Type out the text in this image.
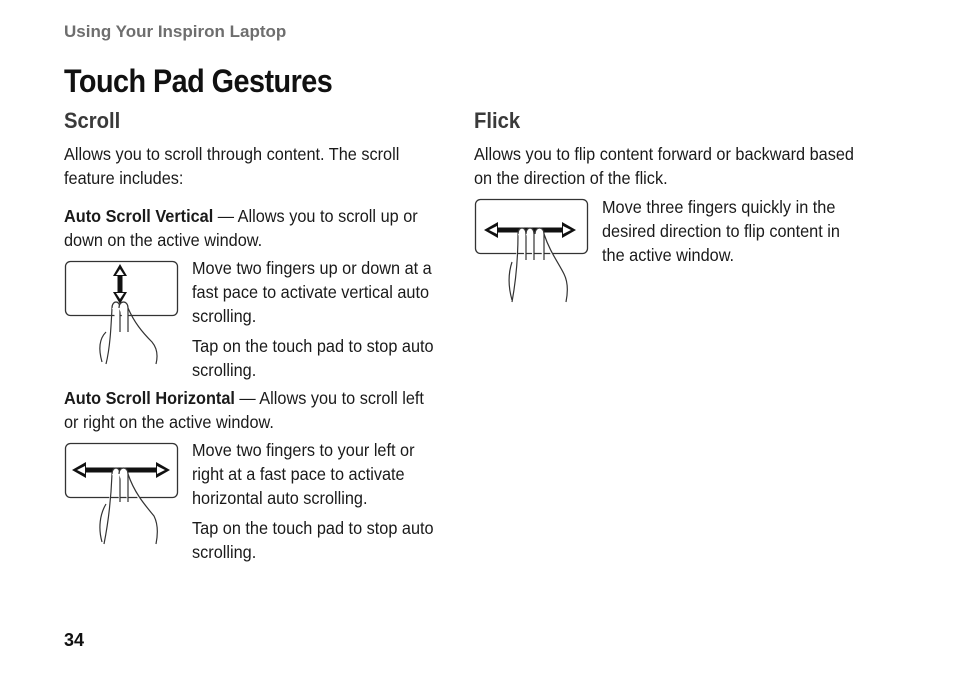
Using Your Inspiron Laptop
Touch Pad Gestures
Scroll
Allows you to scroll through content. The scroll feature includes:
Auto Scroll Vertical — Allows you to scroll up or down on the active window.
Move two fingers up or down at a fast pace to activate vertical auto scrolling.
Tap on the touch pad to stop auto scrolling.
Auto Scroll Horizontal — Allows you to scroll left or right on the active window.
Move two fingers to your left or right at a fast pace to activate horizontal auto scrolling.
Tap on the touch pad to stop auto scrolling.
Flick
Allows you to flip content forward or backward based on the direction of the flick.
Move three fingers quickly in the desired direction to flip content in the active window.
34
